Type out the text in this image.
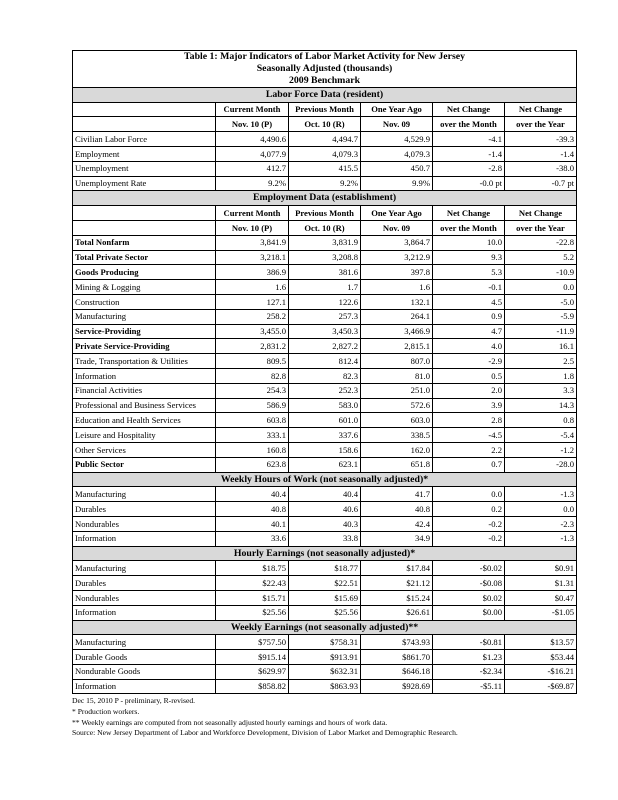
Table 1: Major Indicators of Labor Market Activity for New Jersey
Seasonally Adjusted (thousands)
2009 Benchmark					

Labor Force Data (resident)					
	Current Month	Previous Month	One Year Ago	Net Change	Net Change
	Nov. 10 (P)	Oct. 10 (R)	Nov. 09	over the Month	over the Year
Civilian Labor Force	4,490.6	4,494.7	4,529.9	-4.1	-39.3
Employment	4,077.9	4,079.3	4,079.3	-1.4	-1.4
Unemployment	412.7	415.5	450.7	-2.8	-38.0
Unemployment Rate	9.2%	9.2%	9.9%	-0.0 pt	-0.7 pt
Employment Data (establishment)					
	Current Month	Previous Month	One Year Ago	Net Change	Net Change
	Nov. 10 (P)	Oct. 10 (R)	Nov. 09	over the Month	over the Year
Total Nonfarm	3,841.9	3,831.9	3,864.7	10.0	-22.8
Total Private Sector	3,218.1	3,208.8	3,212.9	9.3	5.2
Goods Producing	386.9	381.6	397.8	5.3	-10.9
Mining & Logging	1.6	1.7	1.6	-0.1	0.0
Construction	127.1	122.6	132.1	4.5	-5.0
Manufacturing	258.2	257.3	264.1	0.9	-5.9
Service-Providing	3,455.0	3,450.3	3,466.9	4.7	-11.9
Private Service-Providing	2,831.2	2,827.2	2,815.1	4.0	16.1
Trade, Transportation & Utilities	809.5	812.4	807.0	-2.9	2.5
Information	82.8	82.3	81.0	0.5	1.8
Financial Activities	254.3	252.3	251.0	2.0	3.3
Professional and Business Services	586.9	583.0	572.6	3.9	14.3
Education and Health Services	603.8	601.0	603.0	2.8	0.8
Leisure and Hospitality	333.1	337.6	338.5	-4.5	-5.4
Other Services	160.8	158.6	162.0	2.2	-1.2
Public Sector	623.8	623.1	651.8	0.7	-28.0
Weekly Hours of Work (not seasonally adjusted)*					
Manufacturing	40.4	40.4	41.7	0.0	-1.3
Durables	40.8	40.6	40.8	0.2	0.0
Nondurables	40.1	40.3	42.4	-0.2	-2.3
Information	33.6	33.8	34.9	-0.2	-1.3
Hourly Earnings (not seasonally adjusted)*					
Manufacturing	$18.75	$18.77	$17.84	-$0.02	$0.91
Durables	$22.43	$22.51	$21.12	-$0.08	$1.31
Nondurables	$15.71	$15.69	$15.24	$0.02	$0.47
Information	$25.56	$25.56	$26.61	$0.00	-$1.05
Weekly Earnings (not seasonally adjusted)**					
Manufacturing	$757.50	$758.31	$743.93	-$0.81	$13.57
Durable Goods	$915.14	$913.91	$861.70	$1.23	$53.44
Nondurable Goods	$629.97	$632.31	$646.18	-$2.34	-$16.21
Information	$858.82	$863.93	$928.69	-$5.11	-$69.87
Dec 15, 2010 P - preliminary, R-revised.
* Production workers.
** Weekly earnings are computed from not seasonally adjusted hourly earnings and hours of work data.
Source: New Jersey Department of Labor and Workforce Development, Division of Labor Market and Demographic Research.
